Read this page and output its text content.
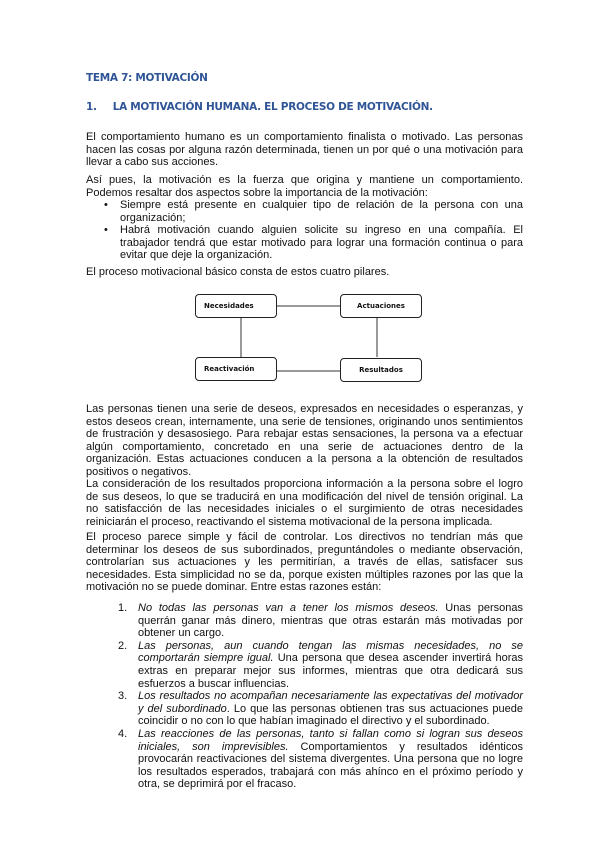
TEMA 7: MOTIVACIÓN
1. LA MOTIVACIÓN HUMANA. EL PROCESO DE MOTIVACIÓN.
El comportamiento humano es un comportamiento finalista o motivado. Las personas hacen las cosas por alguna razón determinada, tienen un por qué o una motivación para llevar a cabo sus acciones.
Así pues, la motivación es la fuerza que origina y mantiene un comportamiento. Podemos resaltar dos aspectos sobre la importancia de la motivación:
• Siempre está presente en cualquier tipo de relación de la persona con una organización;
• Habrá motivación cuando alguien solicite su ingreso en una compañía. El trabajador tendrá que estar motivado para lograr una formación continua o para evitar que deje la organización.
El proceso motivacional básico consta de estos cuatro pilares.
Necesidades	Actuaciones
Reactivación	Resultados
Las personas tienen una serie de deseos, expresados en necesidades o esperanzas, y estos deseos crean, internamente, una serie de tensiones, originando unos sentimientos de frustración y desasosiego. Para rebajar estas sensaciones, la persona va a efectuar algún comportamiento, concretado en una serie de actuaciones dentro de la organización. Estas actuaciones conducen a la persona a la obtención de resultados positivos o negativos.
La consideración de los resultados proporciona información a la persona sobre el logro de sus deseos, lo que se traducirá en una modificación del nivel de tensión original. La no satisfacción de las necesidades iniciales o el surgimiento de otras necesidades reiniciarán el proceso, reactivando el sistema motivacional de la persona implicada.
El proceso parece simple y fácil de controlar. Los directivos no tendrían más que determinar los deseos de sus subordinados, preguntándoles o mediante observación, controlarían sus actuaciones y les permitirían, a través de ellas, satisfacer sus necesidades. Esta simplicidad no se da, porque existen múltiples razones por las que la motivación no se puede dominar. Entre estas razones están:
1. No todas las personas van a tener los mismos deseos. Unas personas querrán ganar más dinero, mientras que otras estarán más motivadas por obtener un cargo.
2. Las personas, aun cuando tengan las mismas necesidades, no se comportarán siempre igual. Una persona que desea ascender invertirá horas extras en preparar mejor sus informes, mientras que otra dedicará sus esfuerzos a buscar influencias.
3. Los resultados no acompañan necesariamente las expectativas del motivador y del subordinado. Lo que las personas obtienen tras sus actuaciones puede coincidir o no con lo que habían imaginado el directivo y el subordinado.
4. Las reacciones de las personas, tanto si fallan como si logran sus deseos iniciales, son imprevisibles. Comportamientos y resultados idénticos provocarán reactivaciones del sistema divergentes. Una persona que no logre los resultados esperados, trabajará con más ahínco en el próximo período y otra, se deprimirá por el fracaso.
